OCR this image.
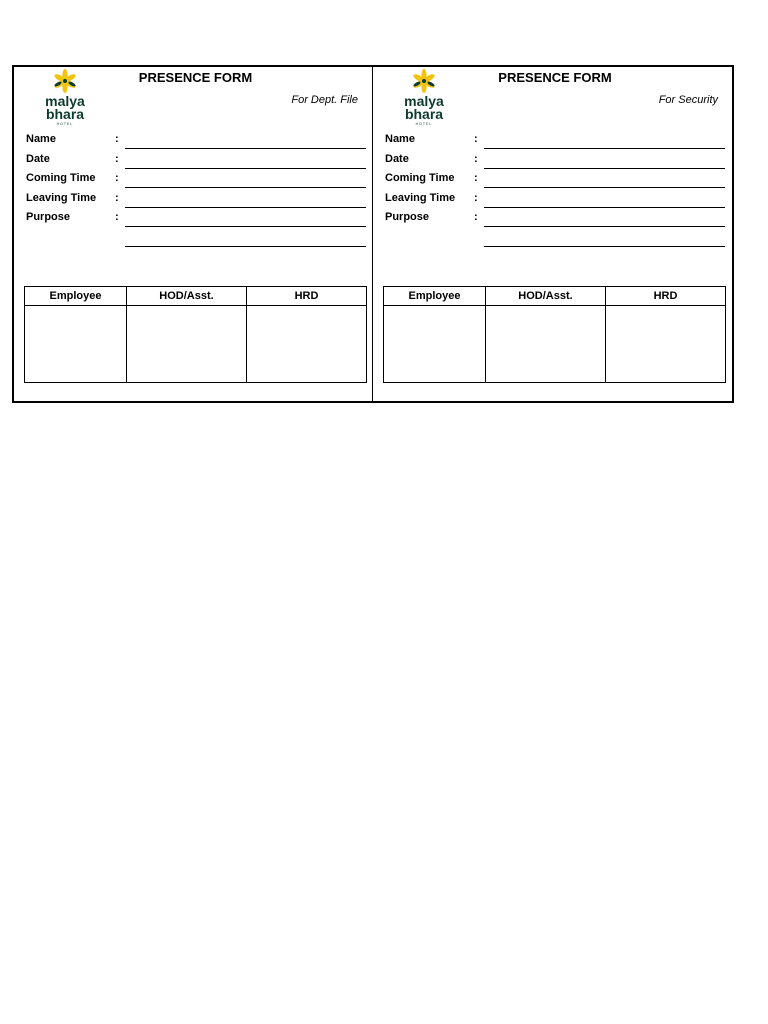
malya
bhara
HOTEL
PRESENCE FORM
For Dept. File
Name	:
Date	:
Coming Time :
Leaving Time :
Purpose	:
Employee	HOD/Asst.	HRD

malya
bhara
HOTEL
PRESENCE FORM
For Security
Name	:
Date	:
Coming Time :
Leaving Time :
Purpose	:
Employee	HOD/Asst.	HRD
